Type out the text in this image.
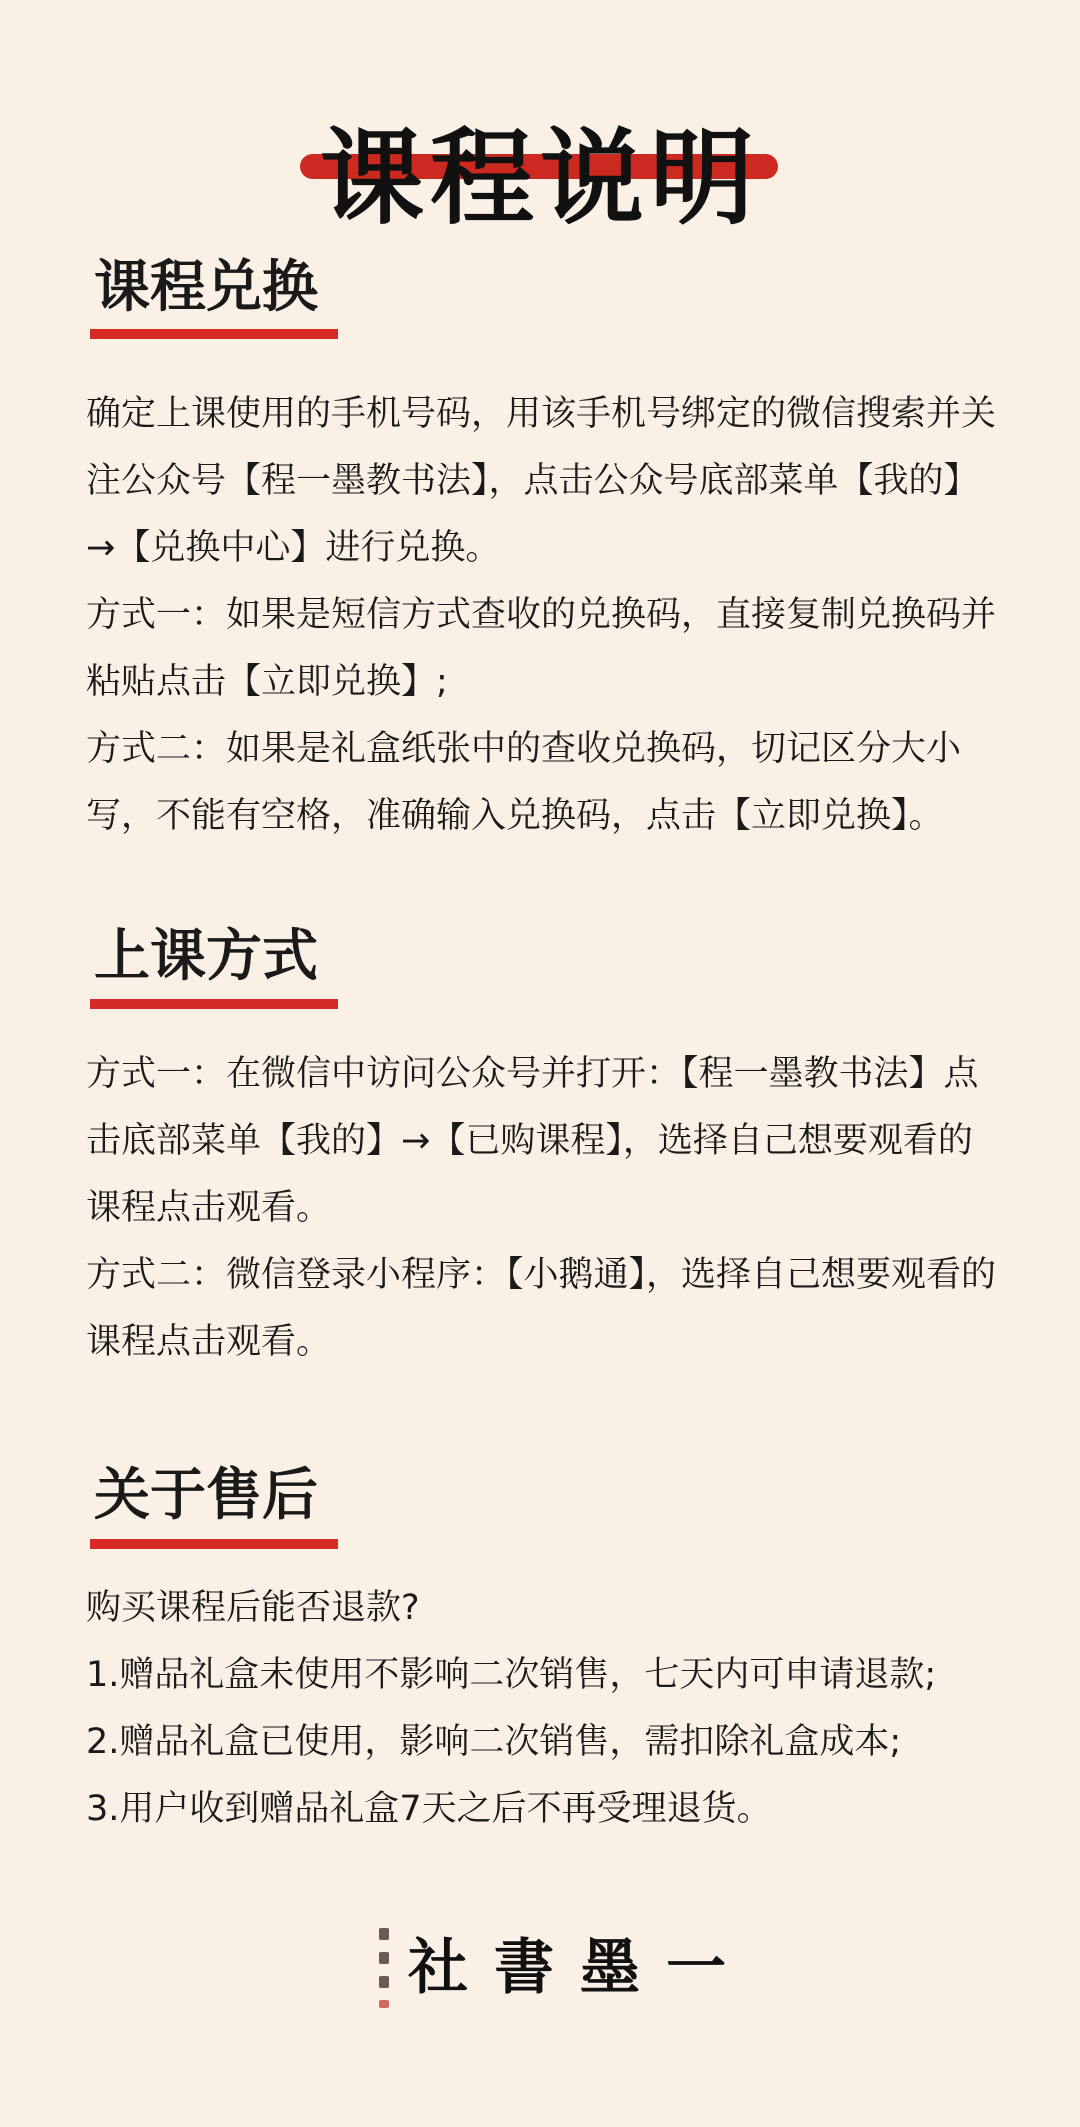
课程说明
课程兑换

确定上课使用的手机号码，用该手机号绑定的微信搜索并关注公众号【程一墨教书法】，点击公众号底部菜单【我的】→【兑换中心】进行兑换。

方式一：如果是短信方式查收的兑换码，直接复制兑换码并粘贴点击【立即兑换】;

方式二：如果是礼盒纸张中的查收兑换码，切记区分大小写，不能有空格，准确输入兑换码，点击【立即兑换】。

上课方式

方式一：在微信中访问公众号并打开：【程一墨教书法】点击底部菜单【我的】→【已购课程】，选择自己想要观看的课程点击观看。

方式二：微信登录小程序：【小鹅通】，选择自己想要观看的课程点击观看。

关于售后

购买课程后能否退款?

1.赠品礼盒未使用不影响二次销售，七天内可申请退款;

2.赠品礼盒已使用，影响二次销售，需扣除礼盒成本;

3.用户收到赠品礼盒7天之后不再受理退货。

社書墨一
